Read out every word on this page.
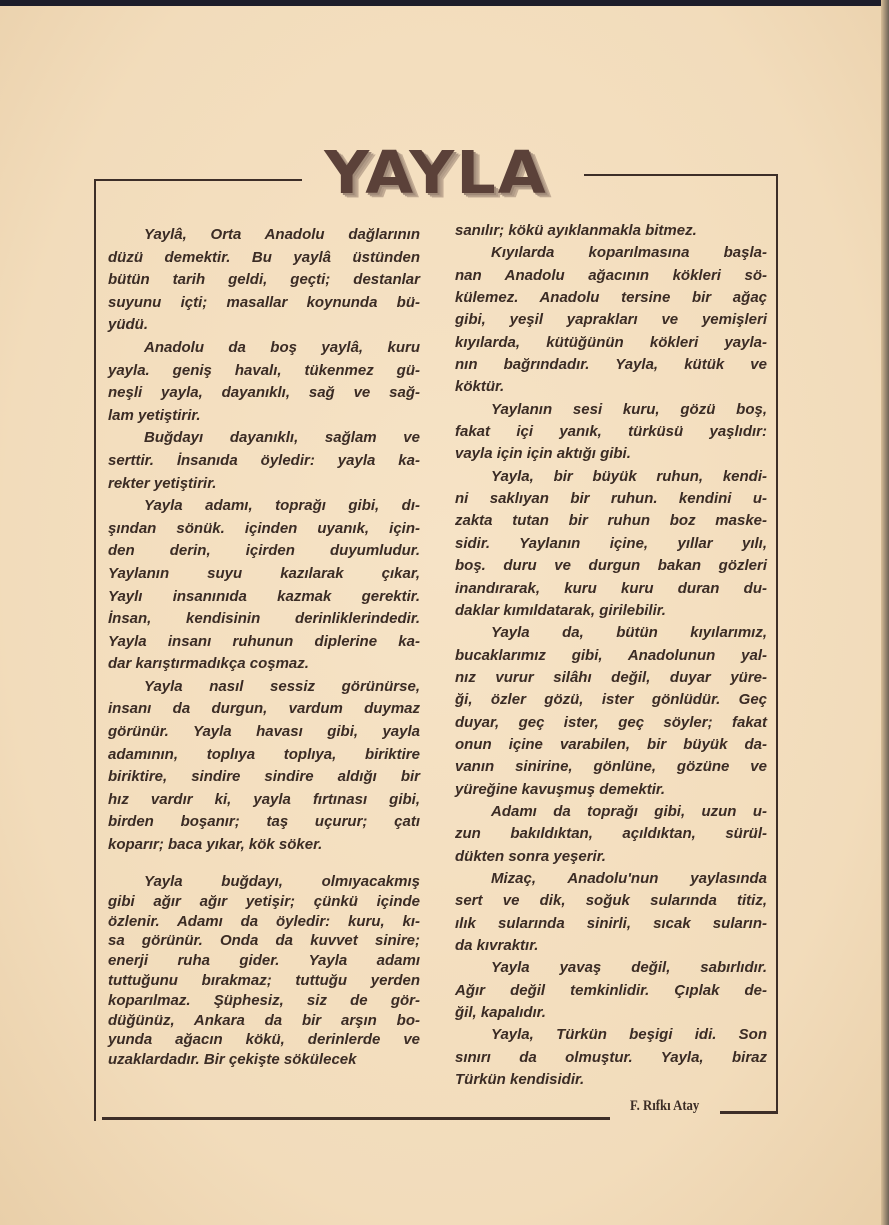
YAYLA
Yaylâ, Orta Anadolu dağlarının
düzü demektir. Bu yaylâ üstünden
bütün tarih geldi, geçti; destanlar
suyunu içti; masallar koynunda bü-
yüdü.
Anadolu da boş yaylâ, kuru
yayla. geniş havalı, tükenmez gü-
neşli yayla, dayanıklı, sağ ve sağ-
lam yetiştirir.
Buğdayı dayanıklı, sağlam ve
serttir. İnsanıda öyledir: yayla ka-
rekter yetiştirir.
Yayla adamı, toprağı gibi, dı-
şından sönük. içinden uyanık, için-
den derin, içirden duyumludur.
Yaylanın suyu kazılarak çıkar,
Yaylı insanınıda kazmak gerektir.
İnsan, kendisinin derinliklerindedir.
Yayla insanı ruhunun diplerine ka-
dar karıştırmadıkça coşmaz.
Yayla nasıl sessiz görünürse,
insanı da durgun, vardum duymaz
görünür. Yayla havası gibi, yayla
adamının, toplıya toplıya, biriktire
biriktire, sindire sindire aldığı bir
hız vardır ki, yayla fırtınası gibi,
birden boşanır; taş uçurur; çatı
koparır; baca yıkar, kök söker.
Yayla buğdayı, olmıyacakmış
gibi ağır ağır yetişir; çünkü içinde
özlenir. Adamı da öyledir: kuru, kı-
sa görünür. Onda da kuvvet sinire;
enerji ruha gider. Yayla adamı
tuttuğunu bırakmaz; tuttuğu yerden
koparılmaz. Şüphesiz, siz de gör-
düğünüz, Ankara da bir arşın bo-
yunda ağacın kökü, derinlerde ve
uzaklardadır. Bir çekişte sökülecek
sanılır; kökü ayıklanmakla bitmez.
Kıyılarda koparılmasına başla-
nan Anadolu ağacının kökleri sö-
külemez. Anadolu tersine bir ağaç
gibi, yeşil yaprakları ve yemişleri
kıyılarda, kütüğünün kökleri yayla-
nın bağrındadır. Yayla, kütük ve
köktür.
Yaylanın sesi kuru, gözü boş,
fakat içi yanık, türküsü yaşlıdır:
vayla için için aktığı gibi.
Yayla, bir büyük ruhun, kendi-
ni saklıyan bir ruhun. kendini u-
zakta tutan bir ruhun boz maske-
sidir. Yaylanın içine, yıllar yılı,
boş. duru ve durgun bakan gözleri
inandırarak, kuru kuru duran du-
daklar kımıldatarak, girilebilir.
Yayla da, bütün kıyılarımız,
bucaklarımız gibi, Anadolunun yal-
nız vurur silâhı değil, duyar yüre-
ği, özler gözü, ister gönlüdür. Geç
duyar, geç ister, geç söyler; fakat
onun içine varabilen, bir büyük da-
vanın sinirine, gönlüne, gözüne ve
yüreğine kavuşmuş demektir.
Adamı da toprağı gibi, uzun u-
zun bakıldıktan, açıldıktan, sürül-
dükten sonra yeşerir.
Mizaç, Anadolu'nun yaylasında
sert ve dik, soğuk sularında titiz,
ılık sularında sinirli, sıcak suların-
da kıvraktır.
Yayla yavaş değil, sabırlıdır.
Ağır değil temkinlidir. Çıplak de-
ğil, kapalıdır.
Yayla, Türkün beşigi idi. Son
sınırı da olmuştur. Yayla, biraz
Türkün kendisidir.
F. Rıfkı Atay
